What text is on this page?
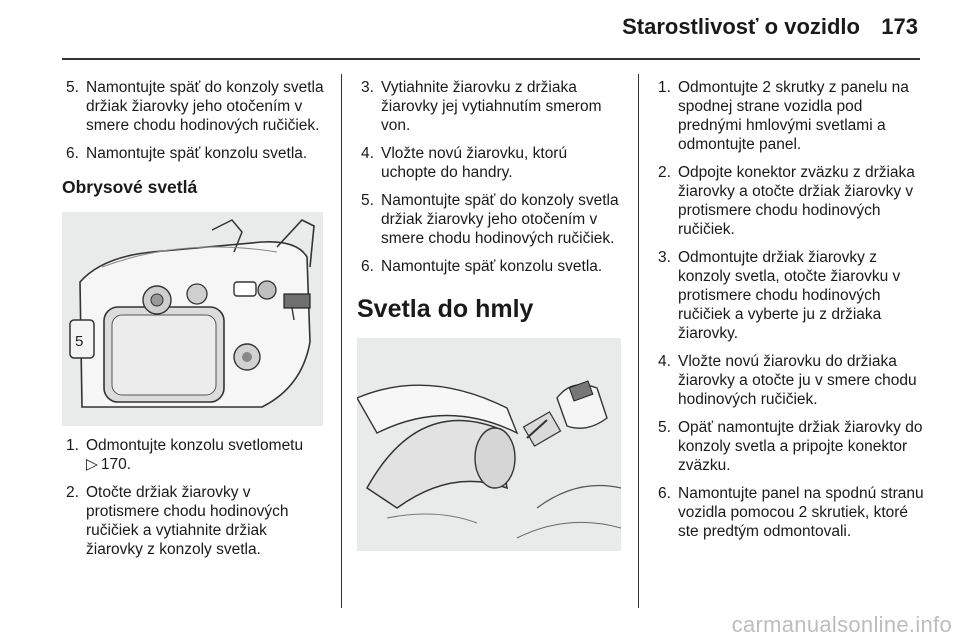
Starostlivosť o vozidlo 173
5. Namontujte späť do konzoly svetla držiak žiarovky jeho otočením v smere chodu hodinových ručičiek.
6. Namontujte späť konzolu svetla.
Obrysové svetlá
5
1. Odmontujte konzolu svetlometu
▷ 170.
2. Otočte držiak žiarovky v protismere chodu hodinových ručičiek a vytiahnite držiak žiarovky z konzoly svetla.
3. Vytiahnite žiarovku z držiaka žiarovky jej vytiahnutím smerom von.
4. Vložte novú žiarovku, ktorú uchopte do handry.
5. Namontujte späť do konzoly svetla držiak žiarovky jeho otočením v smere chodu hodinových ručičiek.
6. Namontujte späť konzolu svetla.
Svetla do hmly
1. Odmontujte 2 skrutky z panelu na spodnej strane vozidla pod prednými hmlovými svetlami a odmontujte panel.
2. Odpojte konektor zväzku z držiaka žiarovky a otočte držiak žiarovky v protismere chodu hodinových ručičiek.
3. Odmontujte držiak žiarovky z konzoly svetla, otočte žiarovku v protismere chodu hodinových ručičiek a vyberte ju z držiaka žiarovky.
4. Vložte novú žiarovku do držiaka žiarovky a otočte ju v smere chodu hodinových ručičiek.
5. Opäť namontujte držiak žiarovky do konzoly svetla a pripojte konektor zväzku.
6. Namontujte panel na spodnú stranu vozidla pomocou 2 skrutiek, ktoré ste predtým odmontovali.
carmanualsonline.info
